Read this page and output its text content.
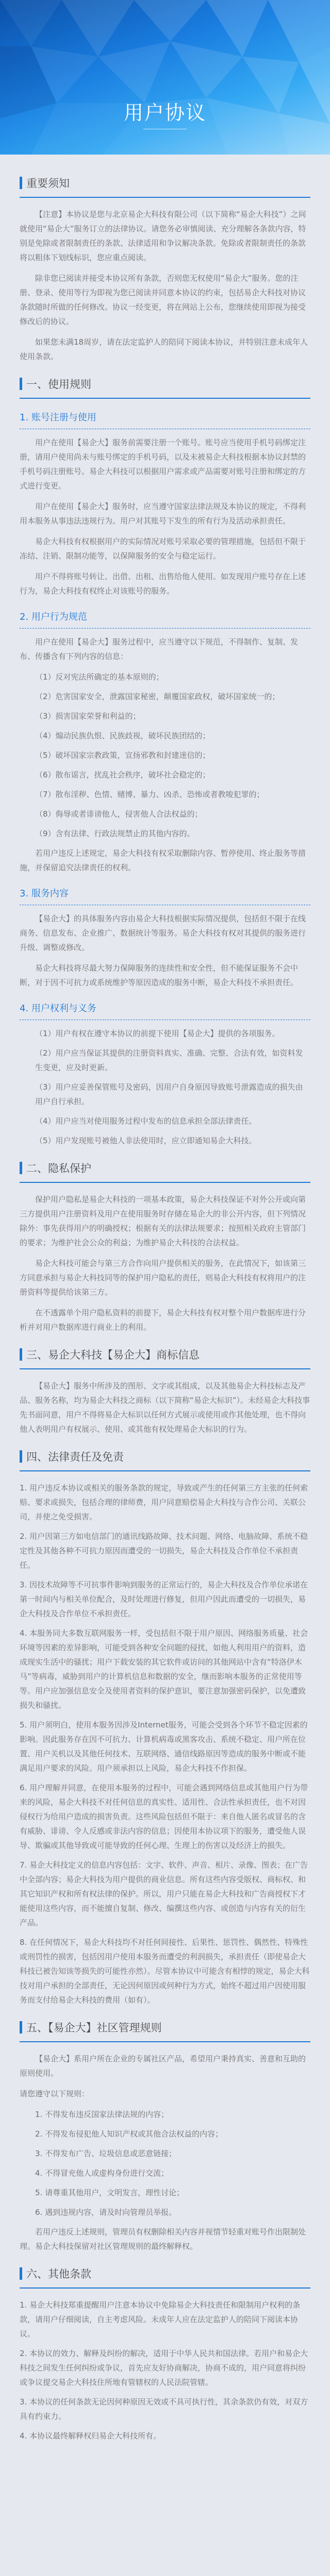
用户协议
重要须知

【注意】本协议是您与北京易企大科技有限公司（以下简称“易企大科技”）之间就使用“易企大”服务订立的法律协议。请您务必审慎阅读、充分理解各条款内容，特别是免除或者限制责任的条款、法律适用和争议解决条款。免除或者限制责任的条款将以粗体下划线标识，您应重点阅读。

除非您已阅读并接受本协议所有条款，否则您无权使用“易企大”服务。您的注册、登录、使用等行为即视为您已阅读并同意本协议的约束，包括易企大科技对协议条款随时所做的任何修改。协议一经变更，将在网站上公布，您继续使用即视为接受修改后的协议。

如果您未满18周岁，请在法定监护人的陪同下阅读本协议，并特别注意未成年人使用条款。

一、使用规则
1. 账号注册与使用

用户在使用【易企大】服务前需要注册一个账号。账号应当使用手机号码绑定注册，请用户使用尚未与账号绑定的手机号码，以及未被易企大科技根据本协议封禁的手机号码注册账号。易企大科技可以根据用户需求或产品需要对账号注册和绑定的方式进行变更。

用户在使用【易企大】服务时，应当遵守国家法律法规及本协议的规定，不得利用本服务从事违法违规行为。用户对其账号下发生的所有行为及活动承担责任。

易企大科技有权根据用户的实际情况对账号采取必要的管理措施，包括但不限于冻结、注销、限制功能等，以保障服务的安全与稳定运行。

用户不得将账号转让、出借、出租、出售给他人使用。如发现用户账号存在上述行为，易企大科技有权终止对该账号的服务。

2. 用户行为规范

用户在使用【易企大】服务过程中，应当遵守以下规范，不得制作、复制、发布、传播含有下列内容的信息：

（1）反对宪法所确定的基本原则的；
（2）危害国家安全，泄露国家秘密，颠覆国家政权，破坏国家统一的；
（3）损害国家荣誉和利益的；
（4）煽动民族仇恨、民族歧视，破坏民族团结的；
（5）破坏国家宗教政策，宣扬邪教和封建迷信的；
（6）散布谣言，扰乱社会秩序，破坏社会稳定的；
（7）散布淫秽、色情、赌博、暴力、凶杀、恐怖或者教唆犯罪的；
（8）侮辱或者诽谤他人，侵害他人合法权益的；
（9）含有法律、行政法规禁止的其他内容的。

若用户违反上述规定，易企大科技有权采取删除内容、暂停使用、终止服务等措施，并保留追究法律责任的权利。

3. 服务内容

【易企大】的具体服务内容由易企大科技根据实际情况提供，包括但不限于在线商务、信息发布、企业推广、数据统计等服务。易企大科技有权对其提供的服务进行升级、调整或修改。

易企大科技将尽最大努力保障服务的连续性和安全性，但不能保证服务不会中断，对于因不可抗力或系统维护等原因造成的服务中断，易企大科技不承担责任。

4. 用户权利与义务
（1）用户有权在遵守本协议的前提下使用【易企大】提供的各项服务。
（2）用户应当保证其提供的注册资料真实、准确、完整、合法有效，如资料发生变更，应及时更新。
（3）用户应妥善保管账号及密码，因用户自身原因导致账号泄露造成的损失由用户自行承担。
（4）用户应当对使用服务过程中发布的信息承担全部法律责任。
（5）用户发现账号被他人非法使用时，应立即通知易企大科技。
二、隐私保护

保护用户隐私是易企大科技的一项基本政策，易企大科技保证不对外公开或向第三方提供用户注册资料及用户在使用服务时存储在易企大的非公开内容，但下列情况除外：事先获得用户的明确授权；根据有关的法律法规要求；按照相关政府主管部门的要求；为维护社会公众的利益；为维护易企大科技的合法权益。

易企大科技可能会与第三方合作向用户提供相关的服务，在此情况下，如该第三方同意承担与易企大科技同等的保护用户隐私的责任，则易企大科技有权将用户的注册资料等提供给该第三方。

在不透露单个用户隐私资料的前提下，易企大科技有权对整个用户数据库进行分析并对用户数据库进行商业上的利用。

三、易企大科技【易企大】商标信息

【易企大】服务中所涉及的图形、文字或其组成，以及其他易企大科技标志及产品、服务名称，均为易企大科技之商标（以下简称“易企大标识”）。未经易企大科技事先书面同意，用户不得将易企大标识以任何方式展示或使用或作其他处理，也不得向他人表明用户有权展示、使用、或其他有权处理易企大标识的行为。

四、法律责任及免责
1. 用户违反本协议或相关的服务条款的规定，导致或产生的任何第三方主张的任何索赔、要求或损失，包括合理的律师费，用户同意赔偿易企大科技与合作公司、关联公司，并使之免受损害。
2. 用户因第三方如电信部门的通讯线路故障、技术问题、网络、电脑故障、系统不稳定性及其他各种不可抗力原因而遭受的一切损失，易企大科技及合作单位不承担责任。
3. 因技术故障等不可抗事件影响到服务的正常运行的，易企大科技及合作单位承诺在第一时间内与相关单位配合，及时处理进行修复，但用户因此而遭受的一切损失，易企大科技及合作单位不承担责任。
4. 本服务同大多数互联网服务一样，受包括但不限于用户原因、网络服务质量、社会环境等因素的差异影响，可能受到各种安全问题的侵扰，如他人利用用户的资料，造成现实生活中的骚扰；用户下载安装的其它软件或访问的其他网站中含有“特洛伊木马”等病毒，威胁到用户的计算机信息和数据的安全，继而影响本服务的正常使用等等。用户应加强信息安全及使用者资料的保护意识，要注意加强密码保护，以免遭致损失和骚扰。
5. 用户须明白，使用本服务因涉及Internet服务，可能会受到各个环节不稳定因素的影响。因此服务存在因不可抗力、计算机病毒或黑客攻击、系统不稳定、用户所在位置、用户关机以及其他任何技术、互联网络、通信线路原因等造成的服务中断或不能满足用户要求的风险。用户须承担以上风险，易企大科技不作担保。
6. 用户理解并同意，在使用本服务的过程中，可能会遇到网络信息或其他用户行为带来的风险，易企大科技不对任何信息的真实性、适用性、合法性承担责任，也不对因侵权行为给用户造成的损害负责。这些风险包括但不限于：来自他人匿名或冒名的含有威胁、诽谤、令人反感或非法内容的信息；因使用本协议项下的服务，遭受他人误导、欺骗或其他导致或可能导致的任何心理、生理上的伤害以及经济上的损失。
7. 易企大科技定义的信息内容包括：文字、软件、声音、相片、录像、图表；在广告中全部内容；易企大科技为用户提供的商业信息。所有这些内容受版权、商标权、和其它知识产权和所有权法律的保护。所以，用户只能在易企大科技和广告商授权下才能使用这些内容，而不能擅自复制、修改、编撰这些内容、或创造与内容有关的衍生产品。
8. 在任何情况下，易企大科技均不对任何间接性、后果性、惩罚性、偶然性、特殊性或刑罚性的损害，包括因用户使用本服务而遭受的利润损失，承担责任（即使易企大科技已被告知该等损失的可能性亦然）。尽管本协议中可能含有相悖的规定，易企大科技对用户承担的全部责任，无论因何原因或何种行为方式，始终不超过用户因使用服务而支付给易企大科技的费用（如有）。
五、【易企大】社区管理规则

【易企大】系用户所在企业的专属社区产品，希望用户秉持真实、善意和互助的原则使用。

请您遵守以下规则：

1. 不得发布违反国家法律法规的内容；
2. 不得发布侵犯他人知识产权或其他合法权益的内容；
3. 不得发布广告、垃圾信息或恶意链接；
4. 不得冒充他人或虚构身份进行交流；
5. 请尊重其他用户，文明发言，理性讨论；
6. 遇到违规内容，请及时向管理员举报。

若用户违反上述规则，管理员有权删除相关内容并视情节轻重对账号作出限制处理。易企大科技保留对社区管理规则的最终解释权。

六、其他条款
1. 易企大科技郑重提醒用户注意本协议中免除易企大科技责任和限制用户权利的条款，请用户仔细阅读，自主考虑风险。未成年人应在法定监护人的陪同下阅读本协议。
2. 本协议的效力、解释及纠纷的解决，适用于中华人民共和国法律。若用户和易企大科技之间发生任何纠纷或争议，首先应友好协商解决，协商不成的，用户同意将纠纷或争议提交易企大科技住所地有管辖权的人民法院管辖。
3. 本协议的任何条款无论因何种原因无效或不具可执行性，其余条款仍有效，对双方具有约束力。
4. 本协议最终解释权归易企大科技所有。
